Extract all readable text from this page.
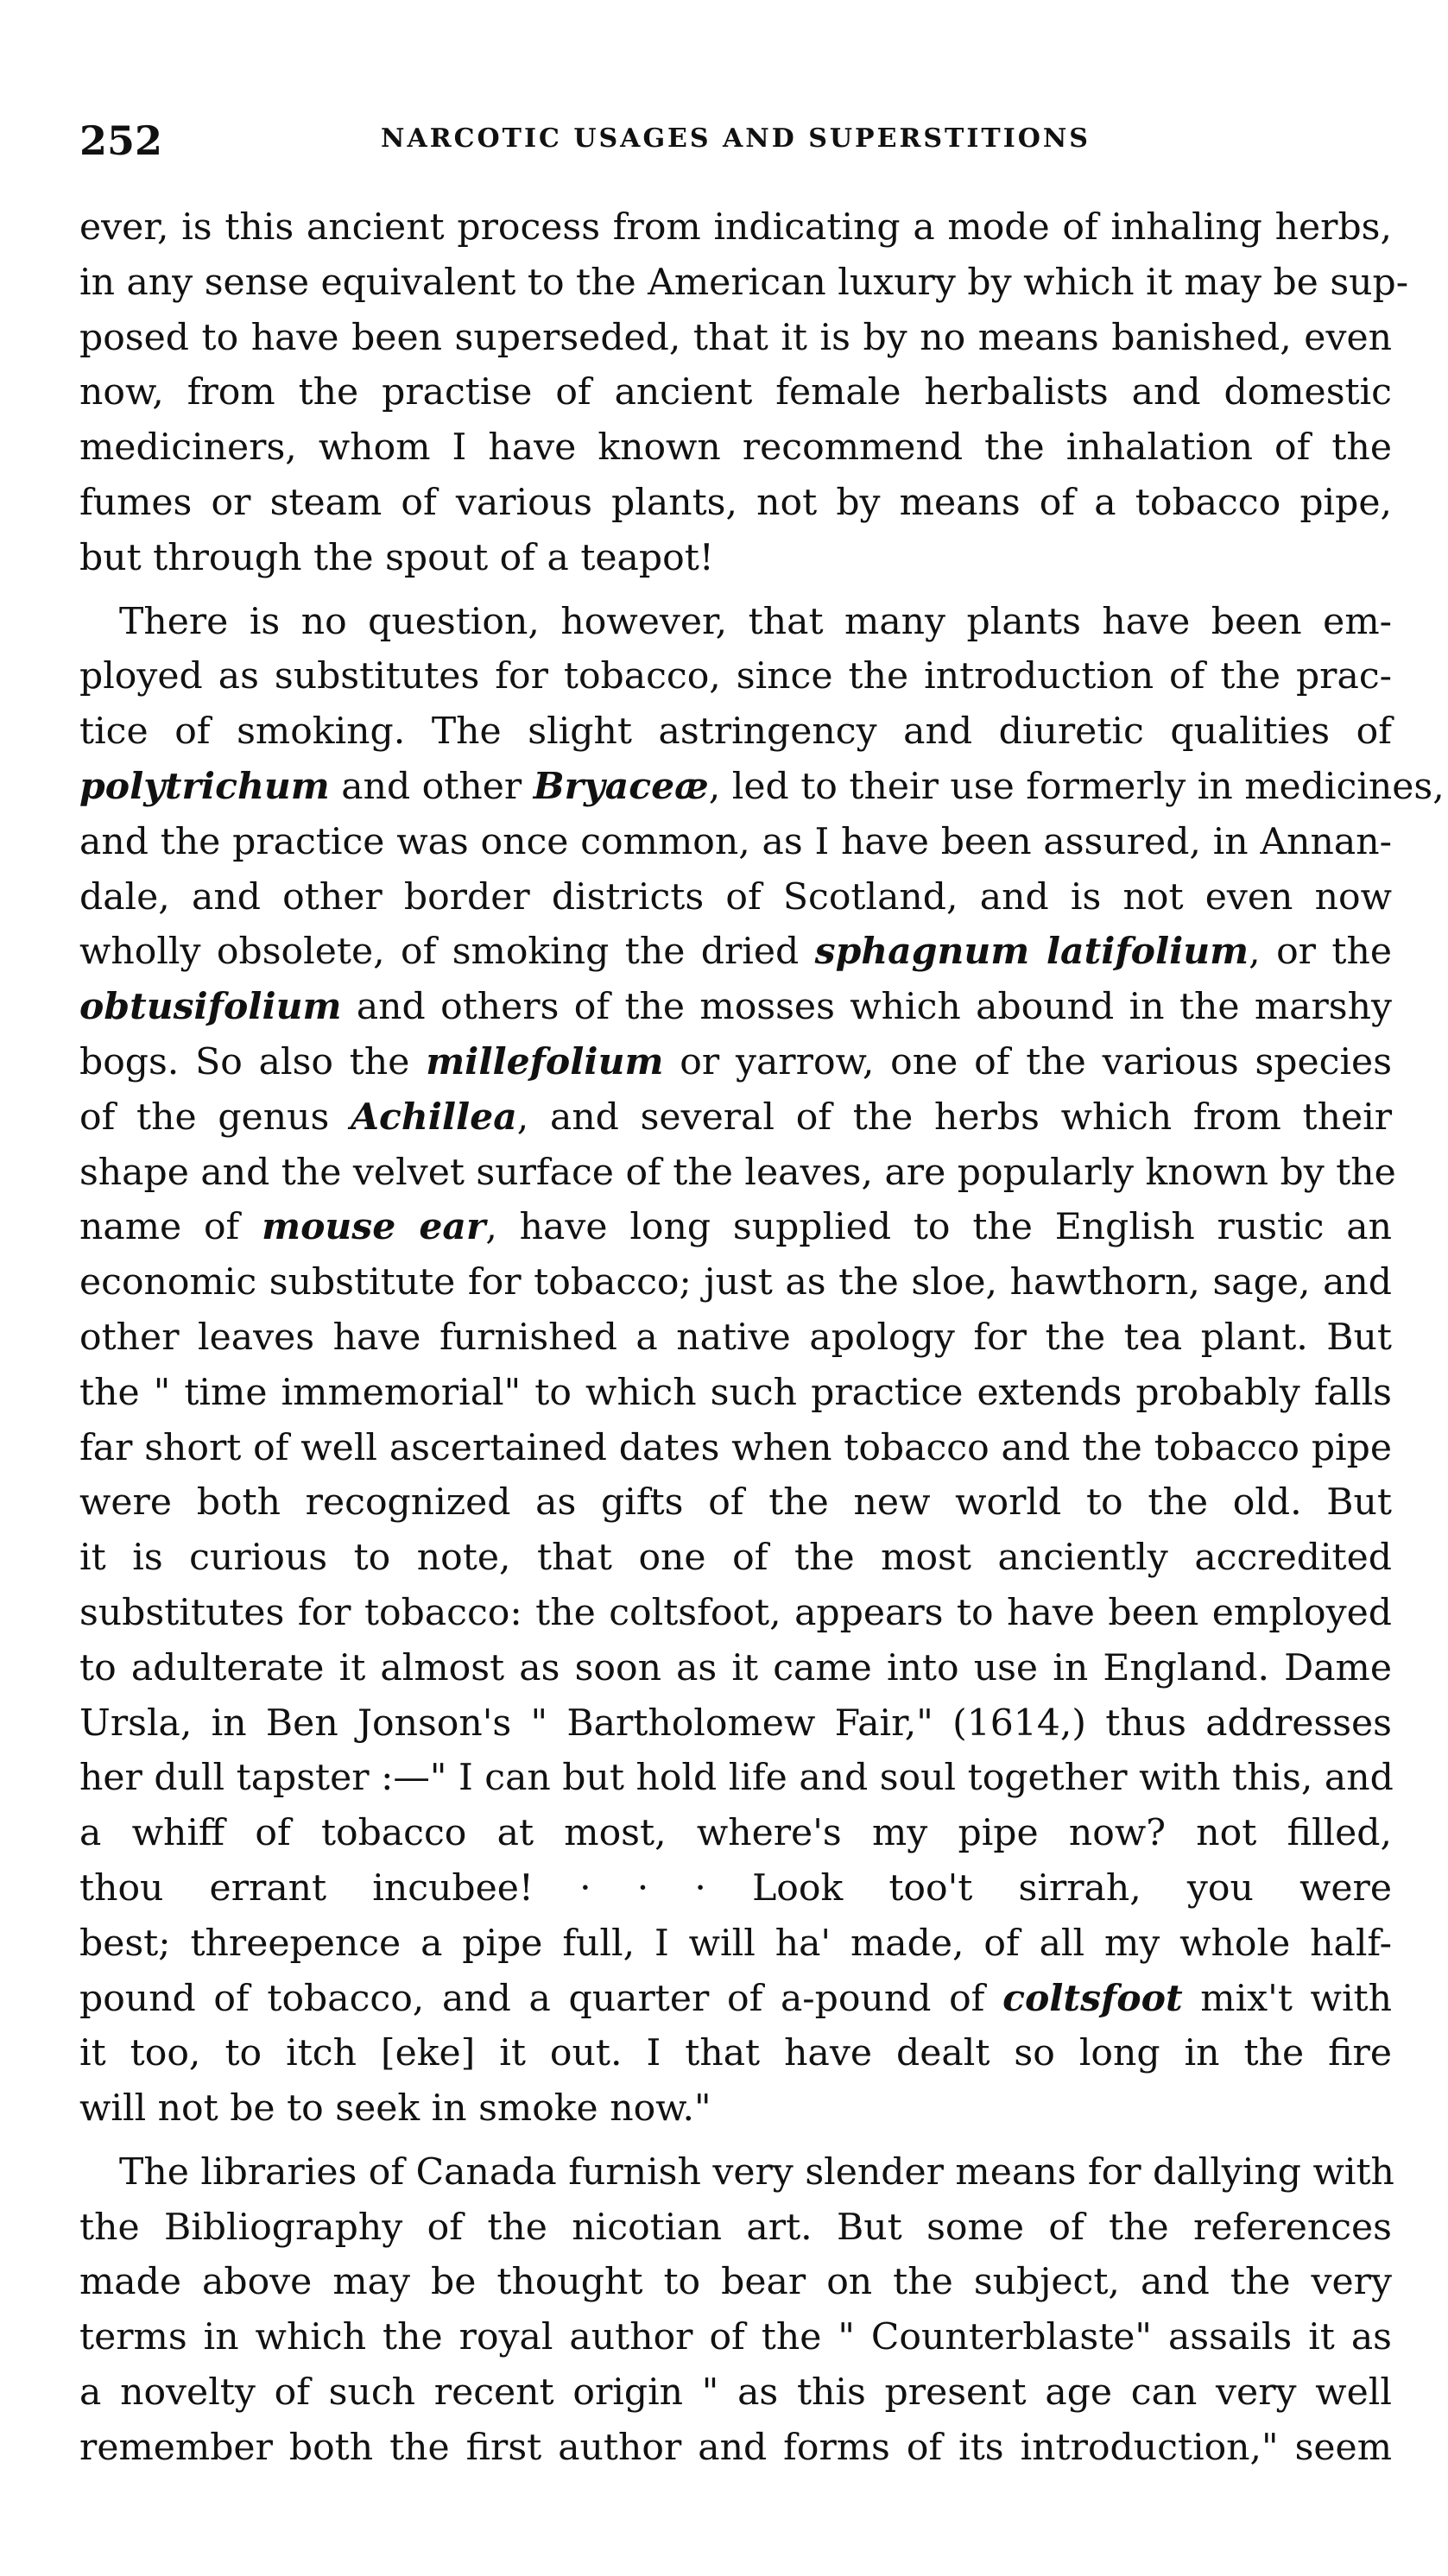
252	NARCOTIC USAGES AND SUPERSTITIONS

ever, is this ancient process from indicating a mode of inhaling herbs,
in any sense equivalent to the American luxury by which it may be sup-
posed to have been superseded, that it is by no means banished, even
now, from the practise of ancient female herbalists and domestic
mediciners, whom I have known recommend the inhalation of the
fumes or steam of various plants, not by means of a tobacco pipe,
but through the spout of a teapot!

There is no question, however, that many plants have been em-
ployed as substitutes for tobacco, since the introduction of the prac-
tice of smoking. The slight astringency and diuretic qualities of
polytrichum and other Bryaceæ, led to their use formerly in medicines,
and the practice was once common, as I have been assured, in Annan-
dale, and other border districts of Scotland, and is not even now
wholly obsolete, of smoking the dried sphagnum latifolium, or the
obtusifolium and others of the mosses which abound in the marshy
bogs. So also the millefolium or yarrow, one of the various species
of the genus Achillea, and several of the herbs which from their
shape and the velvet surface of the leaves, are popularly known by the
name of mouse ear, have long supplied to the English rustic an
economic substitute for tobacco; just as the sloe, hawthorn, sage, and
other leaves have furnished a native apology for the tea plant. But
the " time immemorial" to which such practice extends probably falls
far short of well ascertained dates when tobacco and the tobacco pipe
were both recognized as gifts of the new world to the old. But
it is curious to note, that one of the most anciently accredited
substitutes for tobacco: the coltsfoot, appears to have been employed
to adulterate it almost as soon as it came into use in England. Dame
Ursla, in Ben Jonson's " Bartholomew Fair," (1614,) thus addresses
her dull tapster :—" I can but hold life and soul together with this, and
a whiff of tobacco at most, where's my pipe now? not filled,
thou errant incubee! · · · Look too't sirrah, you were
best; threepence a pipe full, I will ha' made, of all my whole half-
pound of tobacco, and a quarter of a-pound of coltsfoot mix't with
it too, to itch [eke] it out. I that have dealt so long in the fire
will not be to seek in smoke now."

The libraries of Canada furnish very slender means for dallying with
the Bibliography of the nicotian art. But some of the references
made above may be thought to bear on the subject, and the very
terms in which the royal author of the " Counterblaste" assails it as
a novelty of such recent origin " as this present age can very well
remember both the first author and forms of its introduction," seem
